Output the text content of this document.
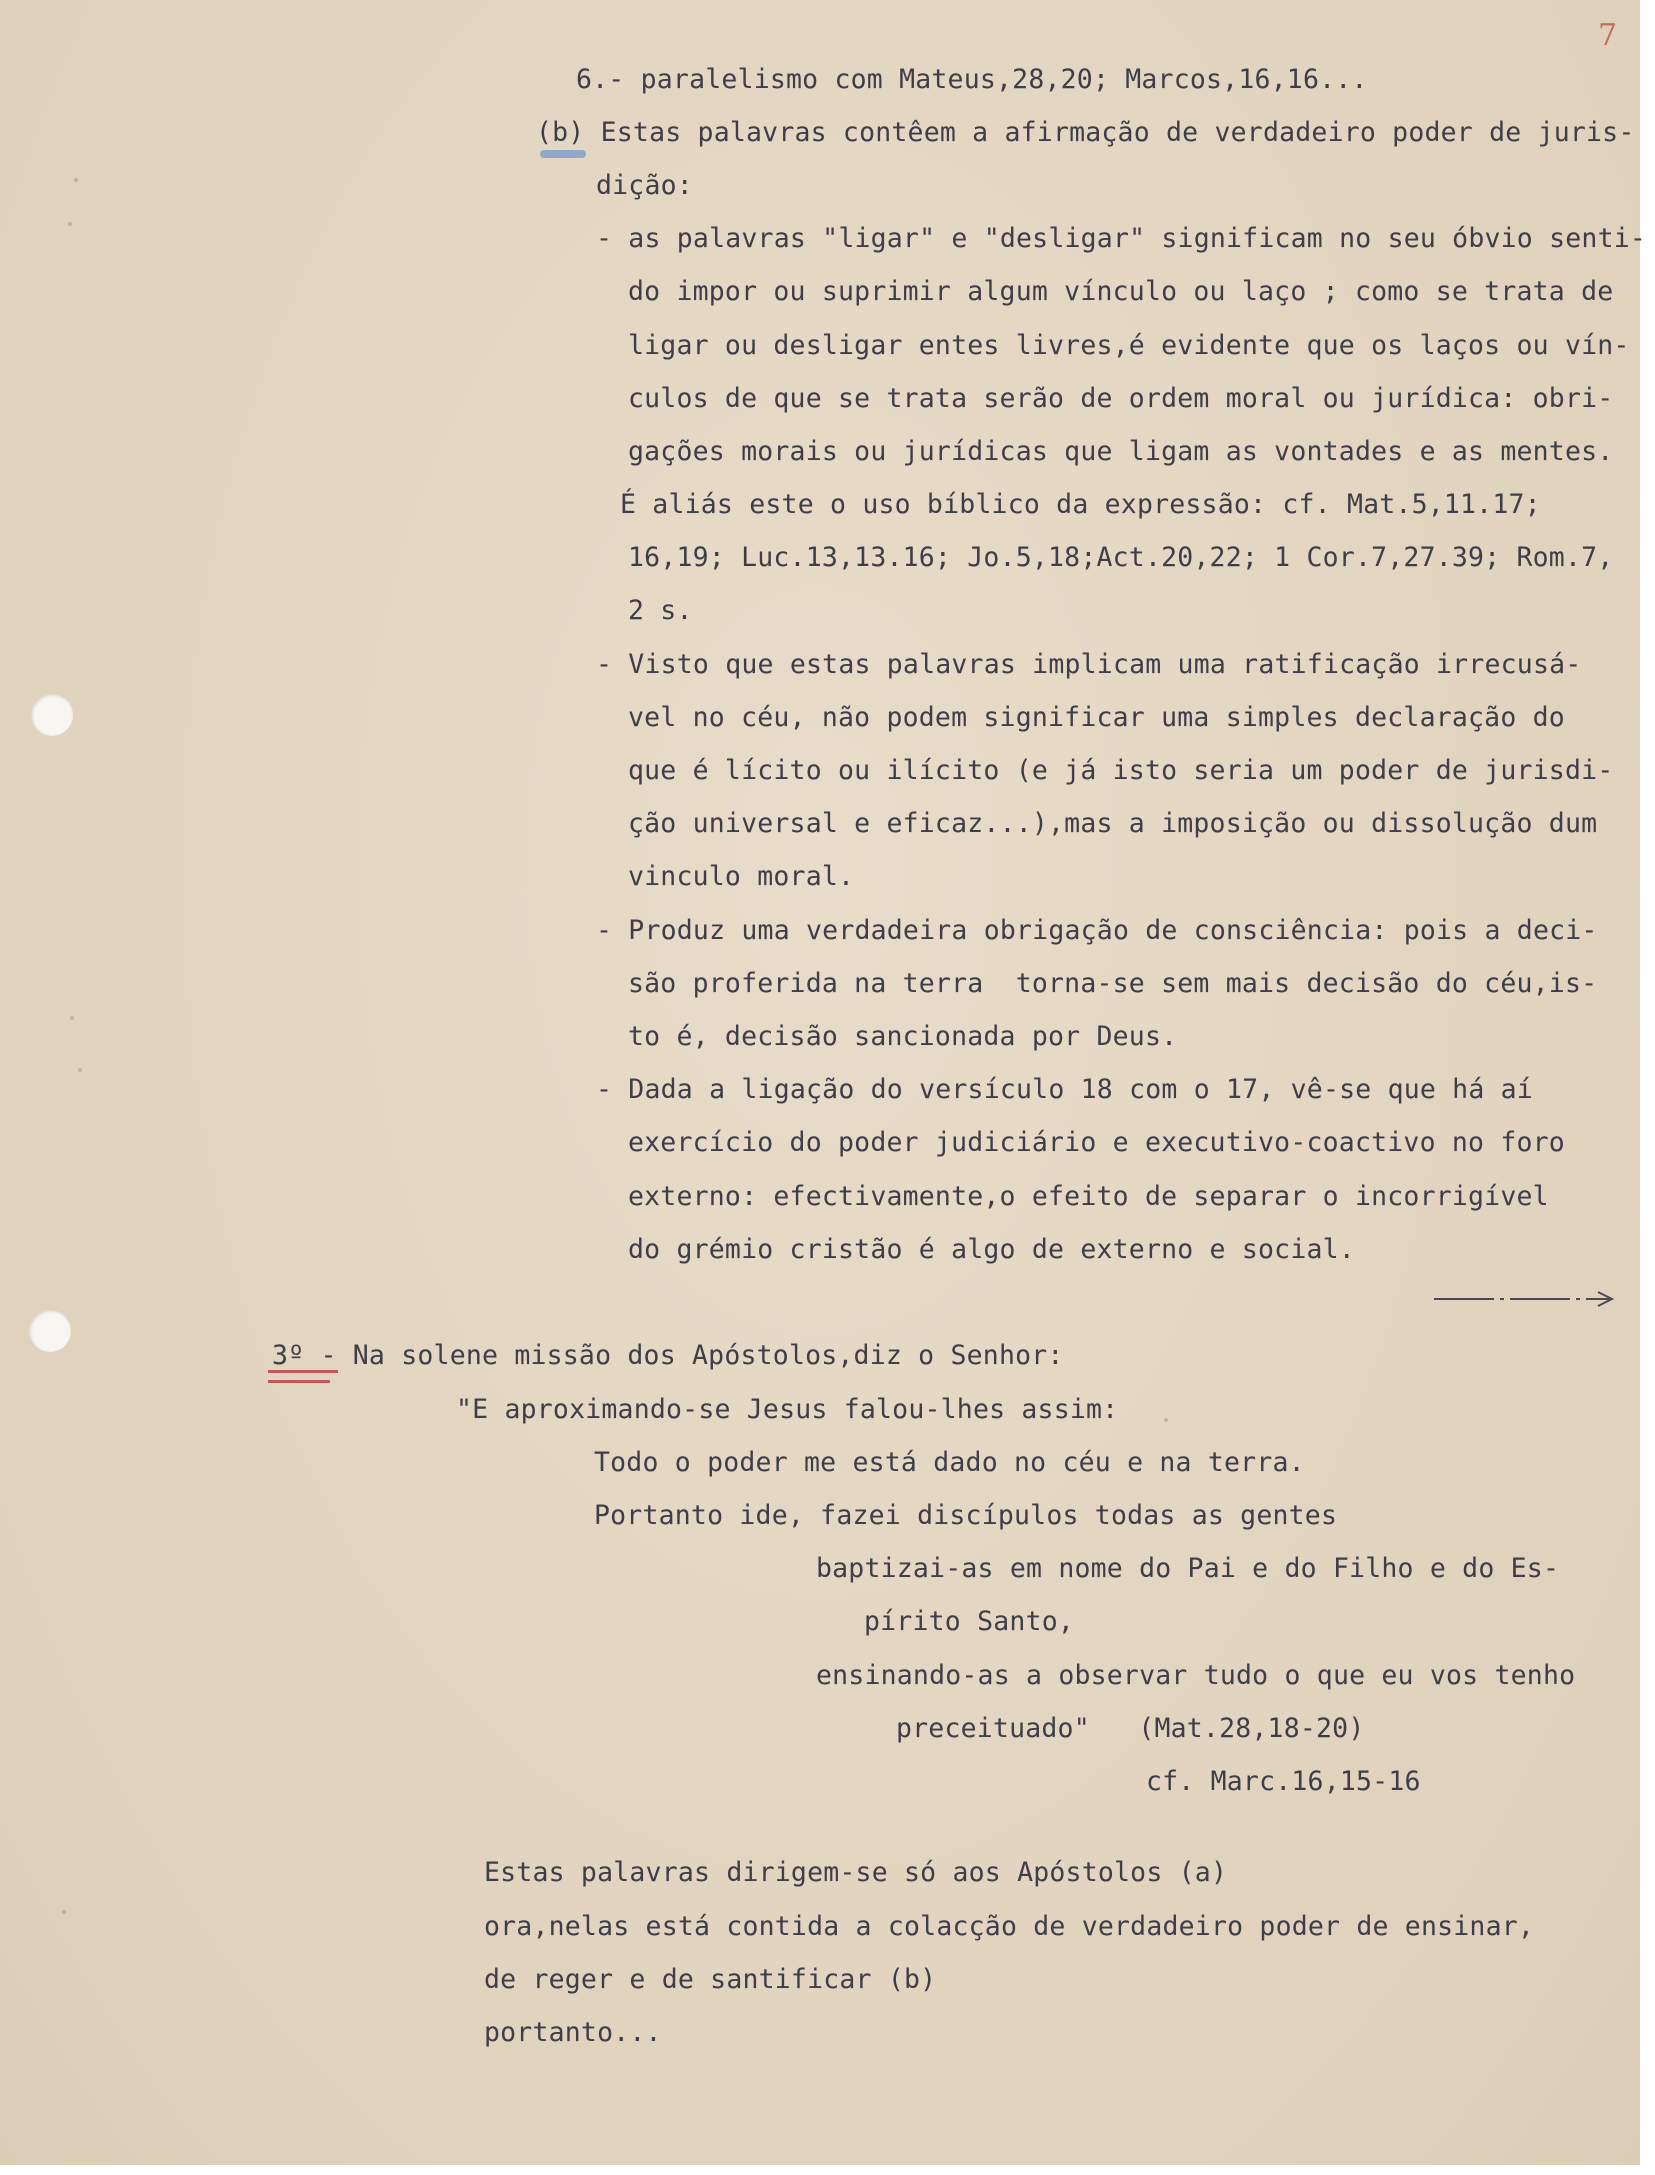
7
6.- paralelismo com Mateus,28,20; Marcos,16,16...
(b) Estas palavras contêem a afirmação de verdadeiro poder de juris-
dição:
- as palavras "ligar" e "desligar" significam no seu óbvio senti-
do impor ou suprimir algum vínculo ou laço ; como se trata de
ligar ou desligar entes livres,é evidente que os laços ou vín-
culos de que se trata serão de ordem moral ou jurídica: obri-
gações morais ou jurídicas que ligam as vontades e as mentes.
É aliás este o uso bíblico da expressão: cf. Mat.5,11.17;
16,19; Luc.13,13.16; Jo.5,18;Act.20,22; 1 Cor.7,27.39; Rom.7,
2 s.
- Visto que estas palavras implicam uma ratificação irrecusá-
vel no céu, não podem significar uma simples declaração do
que é lícito ou ilícito (e já isto seria um poder de jurisdi-
ção universal e eficaz...),mas a imposição ou dissolução dum
vinculo moral.
- Produz uma verdadeira obrigação de consciência: pois a deci-
são proferida na terra  torna-se sem mais decisão do céu,is-
to é, decisão sancionada por Deus.
- Dada a ligação do versículo 18 com o 17, vê-se que há aí
exercício do poder judiciário e executivo-coactivo no foro
externo: efectivamente,o efeito de separar o incorrigível
do grémio cristão é algo de externo e social.
3º - Na solene missão dos Apóstolos,diz o Senhor:
"E aproximando-se Jesus falou-lhes assim:
Todo o poder me está dado no céu e na terra.
Portanto ide, fazei discípulos todas as gentes
baptizai-as em nome do Pai e do Filho e do Es-
pírito Santo,
ensinando-as a observar tudo o que eu vos tenho
preceituado"   (Mat.28,18-20)
cf. Marc.16,15-16
Estas palavras dirigem-se só aos Apóstolos (a)
ora,nelas está contida a colacção de verdadeiro poder de ensinar,
de reger e de santificar (b)
portanto...
